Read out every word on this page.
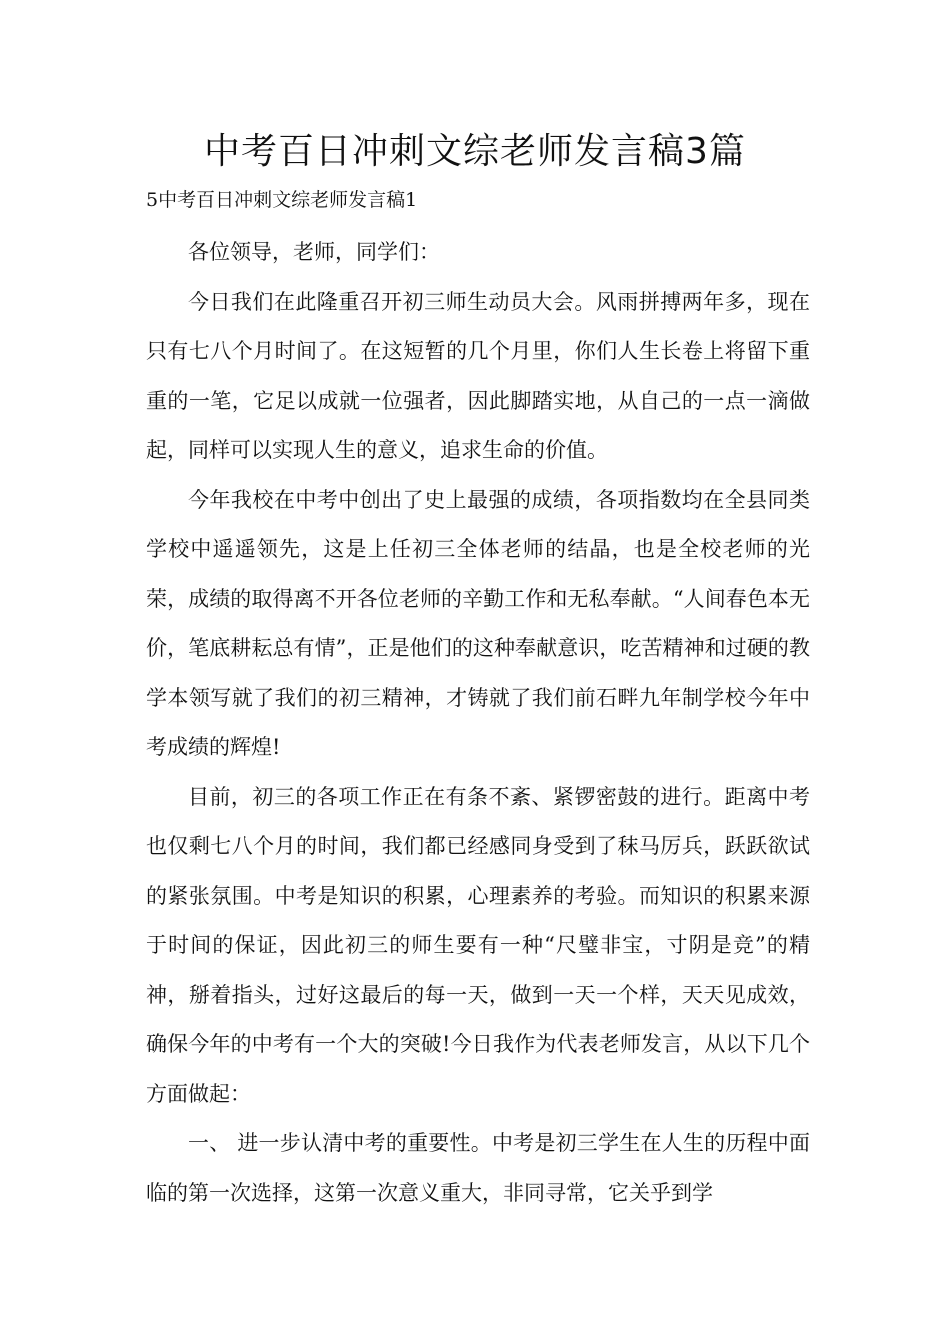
中考百日冲刺文综老师发言稿3篇
5中考百日冲刺文综老师发言稿1

各位领导，老师，同学们：

今日我们在此隆重召开初三师生动员大会。风雨拼搏两年多，现在只有七八个月时间了。在这短暂的几个月里，你们人生长卷上将留下重重的一笔，它足以成就一位强者，因此脚踏实地，从自己的一点一滴做起，同样可以实现人生的意义，追求生命的价值。

今年我校在中考中创出了史上最强的成绩，各项指数均在全县同类学校中遥遥领先，这是上任初三全体老师的结晶，也是全校老师的光荣，成绩的取得离不开各位老师的辛勤工作和无私奉献。“人间春色本无价，笔底耕耘总有情”，正是他们的这种奉献意识，吃苦精神和过硬的教学本领写就了我们的初三精神，才铸就了我们前石畔九年制学校今年中考成绩的辉煌!

目前，初三的各项工作正在有条不紊、紧锣密鼓的进行。距离中考也仅剩七八个月的时间，我们都已经感同身受到了秣马厉兵，跃跃欲试的紧张氛围。中考是知识的积累，心理素养的考验。而知识的积累来源于时间的保证，因此初三的师生要有一种“尺璧非宝，寸阴是竞”的精神，掰着指头，过好这最后的每一天，做到一天一个样，天天见成效，确保今年的中考有一个大的突破!今日我作为代表老师发言，从以下几个方面做起：

一、 进一步认清中考的重要性。中考是初三学生在人生的历程中面临的第一次选择，这第一次意义重大，非同寻常，它关乎到学
